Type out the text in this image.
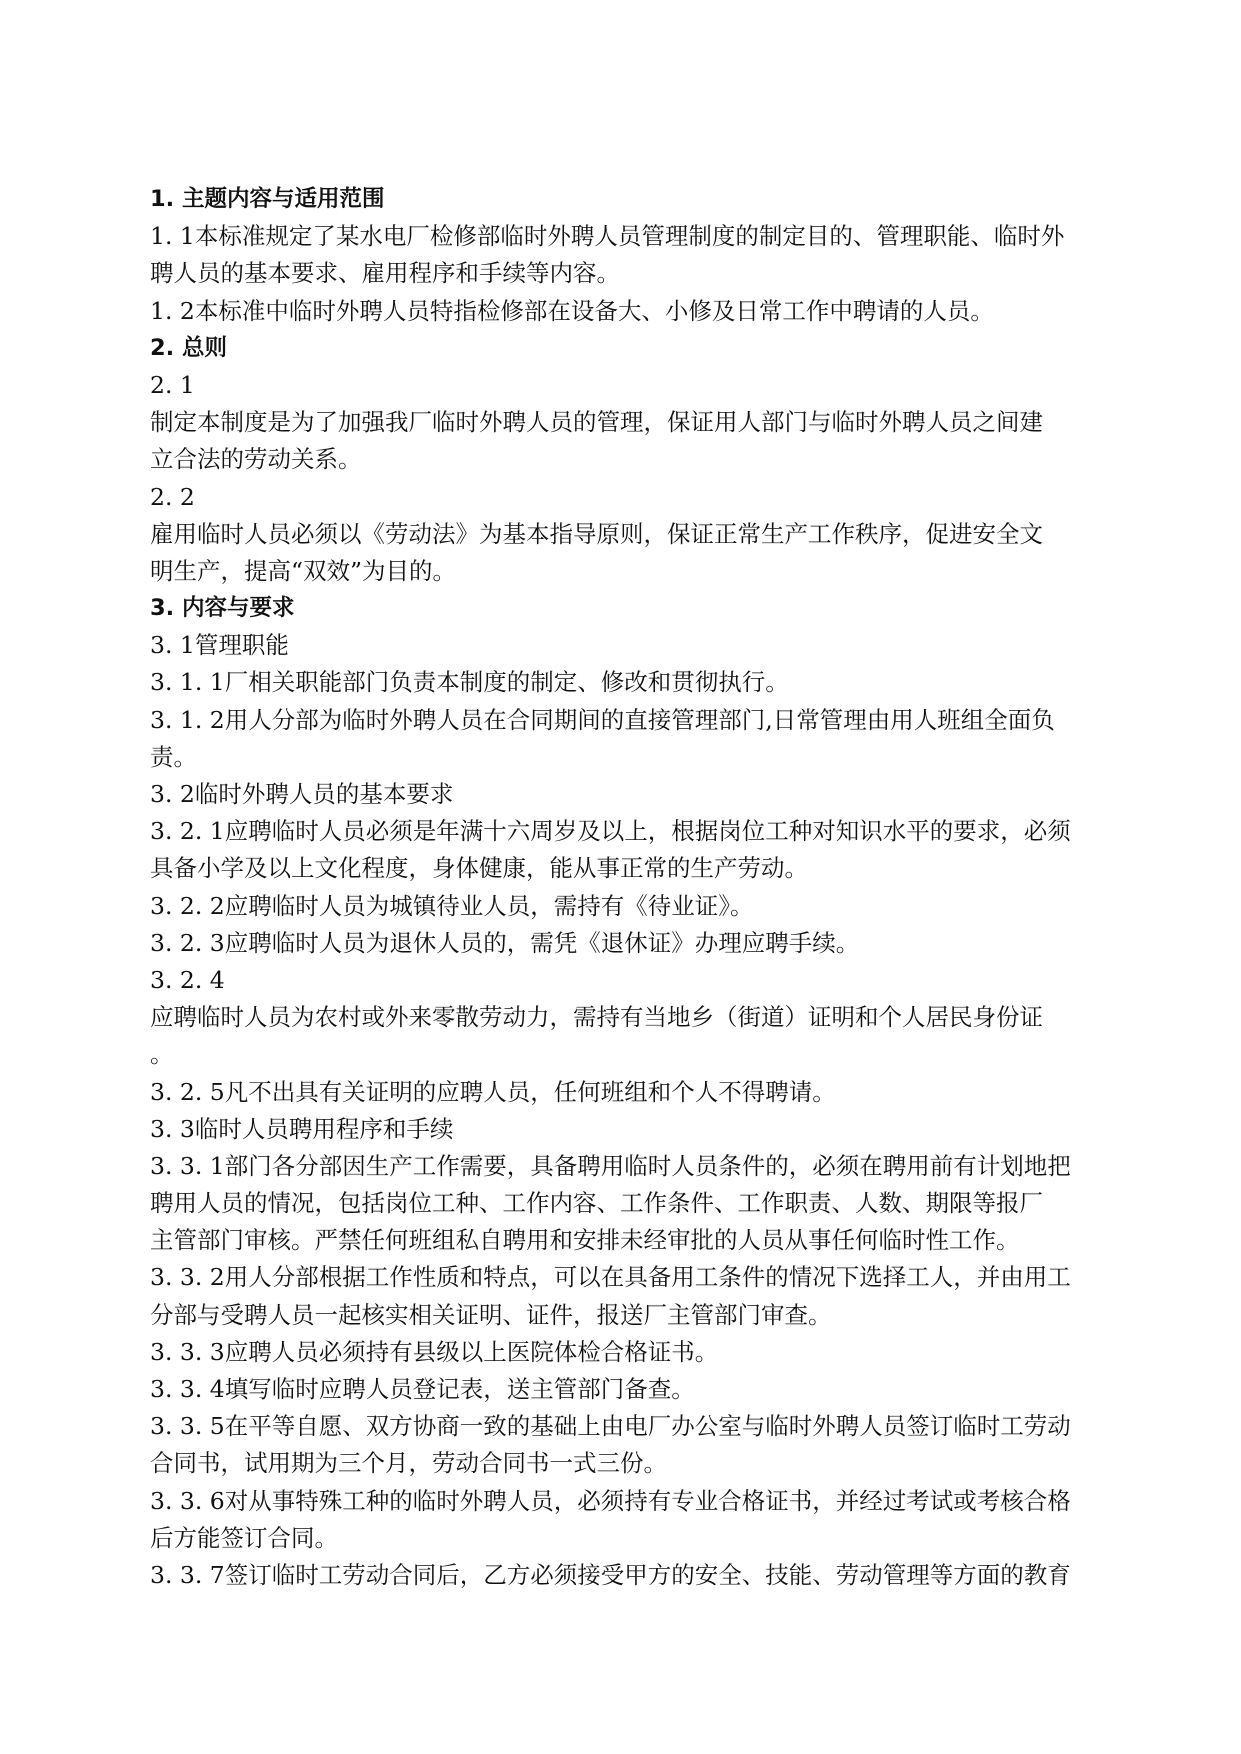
1. 主题内容与适用范围
1. 1本标准规定了某水电厂检修部临时外聘人员管理制度的制定目的、管理职能、临时外
聘人员的基本要求、雇用程序和手续等内容。
1. 2本标准中临时外聘人员特指检修部在设备大、小修及日常工作中聘请的人员。
2. 总则
2. 1
制定本制度是为了加强我厂临时外聘人员的管理，保证用人部门与临时外聘人员之间建
立合法的劳动关系。
2. 2
雇用临时人员必须以《劳动法》为基本指导原则，保证正常生产工作秩序，促进安全文
明生产，提高“双效”为目的。
3. 内容与要求
3. 1管理职能
3. 1. 1厂相关职能部门负责本制度的制定、修改和贯彻执行。
3. 1. 2用人分部为临时外聘人员在合同期间的直接管理部门,日常管理由用人班组全面负
责。
3. 2临时外聘人员的基本要求
3. 2. 1应聘临时人员必须是年满十六周岁及以上，根据岗位工种对知识水平的要求，必须
具备小学及以上文化程度，身体健康，能从事正常的生产劳动。
3. 2. 2应聘临时人员为城镇待业人员，需持有《待业证》。
3. 2. 3应聘临时人员为退休人员的，需凭《退休证》办理应聘手续。
3. 2. 4
应聘临时人员为农村或外来零散劳动力，需持有当地乡（街道）证明和个人居民身份证
。
3. 2. 5凡不出具有关证明的应聘人员，任何班组和个人不得聘请。
3. 3临时人员聘用程序和手续
3. 3. 1部门各分部因生产工作需要，具备聘用临时人员条件的，必须在聘用前有计划地把
聘用人员的情况，包括岗位工种、工作内容、工作条件、工作职责、人数、期限等报厂
主管部门审核。严禁任何班组私自聘用和安排未经审批的人员从事任何临时性工作。
3. 3. 2用人分部根据工作性质和特点，可以在具备用工条件的情况下选择工人，并由用工
分部与受聘人员一起核实相关证明、证件，报送厂主管部门审查。
3. 3. 3应聘人员必须持有县级以上医院体检合格证书。
3. 3. 4填写临时应聘人员登记表，送主管部门备查。
3. 3. 5在平等自愿、双方协商一致的基础上由电厂办公室与临时外聘人员签订临时工劳动
合同书，试用期为三个月，劳动合同书一式三份。
3. 3. 6对从事特殊工种的临时外聘人员，必须持有专业合格证书，并经过考试或考核合格
后方能签订合同。
3. 3. 7签订临时工劳动合同后，乙方必须接受甲方的安全、技能、劳动管理等方面的教育
